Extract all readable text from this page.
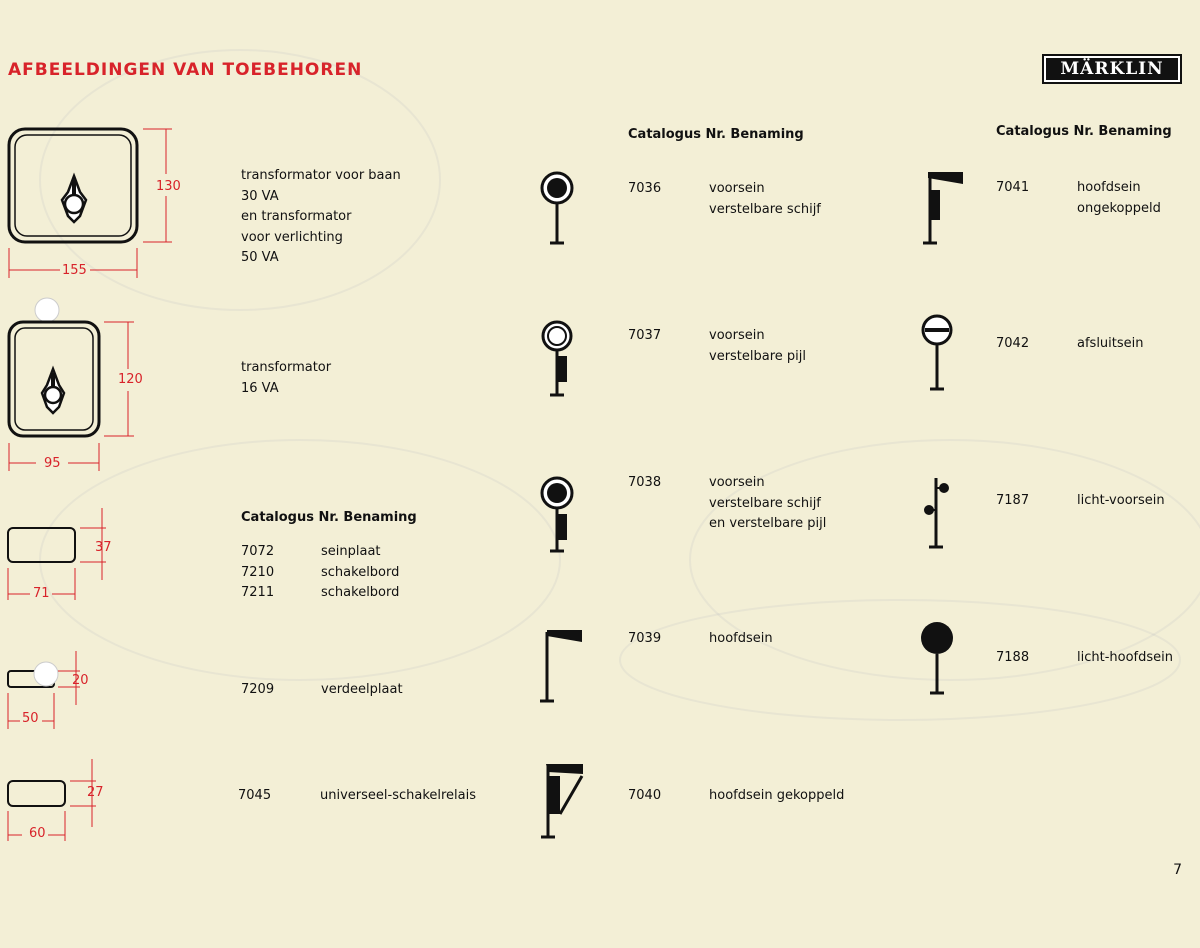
AFBEELDINGEN VAN TOEBEHOREN	MÄRKLIN
155
130
transformator voor baan
30 VA
en transformator
voor verlichting
50 VA
95
120
transformator
16 VA
Catalogus Nr. Benaming
71
37	7072	seinplaat
7210	schakelbord
7211	schakelbord
50
20
7209	verdeelplaat
60
27	7045	universeel-schakelrelais
Catalogus Nr. Benaming
7036	voorsein
verstelbare schijf
7037	voorsein
verstelbare pijl
7038	voorsein
verstelbare schijf
en verstelbare pijl
7039	hoofdsein
7040	hoofdsein gekoppeld
Catalogus Nr. Benaming
7041	hoofdsein
ongekoppeld
7042	afsluitsein
7187	licht-voorsein
7188	licht-hoofdsein
7
